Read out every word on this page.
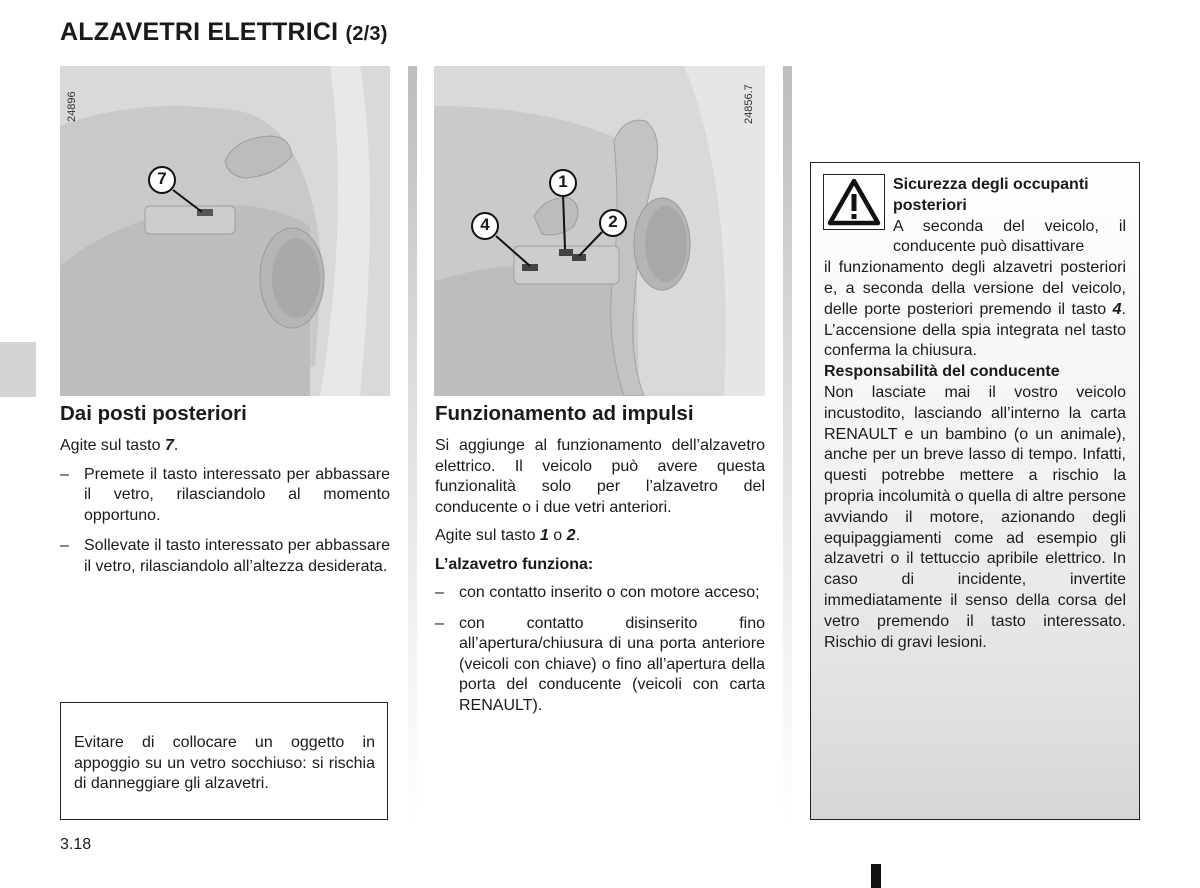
ALZAVETRI ELETTRICI (2/3)
7
24896
1
2
4
24856.7
Dai posti posteriori

Agite sul tasto 7.

– Premete il tasto interessato per abbassare il vetro, rilasciandolo al momento opportuno.
– Sollevate il tasto interessato per abbassare il vetro, rilasciandolo all’altezza desiderata.
Evitare di collocare un oggetto in appoggio su un vetro socchiuso: si rischia di danneggiare gli alzavetri.
Funzionamento ad impulsi

Si aggiunge al funzionamento dell’alzavetro elettrico. Il veicolo può avere questa funzionalità solo per l’alzavetro del conducente o i due vetri anteriori.

Agite sul tasto 1 o 2.

L’alzavetro funziona:

– con contatto inserito o con motore acceso;
– con contatto disinserito fino all’apertura/chiusura di una porta anteriore (veicoli con chiave) o fino all’apertura della porta del conducente (veicoli con carta RENAULT).
Sicurezza degli occupanti posteriori
A seconda del veicolo, il conducente può disattivare
il funzionamento degli alzavetri posteriori e, a seconda della versione del veicolo, delle porte posteriori premendo il tasto 4. L’accensione della spia integrata nel tasto conferma la chiusura.
Responsabilità del conducente
Non lasciate mai il vostro veicolo incustodito, lasciando all’interno la carta RENAULT e un bambino (o un animale), anche per un breve lasso di tempo. Infatti, questi potrebbe mettere a rischio la propria incolumità o quella di altre persone avviando il motore, azionando degli equipaggiamenti come ad esempio gli alzavetri o il tettuccio apribile elettrico. In caso di incidente, invertite immediatamente il senso della corsa del vetro premendo il tasto interessato. Rischio di gravi lesioni.
3.18
